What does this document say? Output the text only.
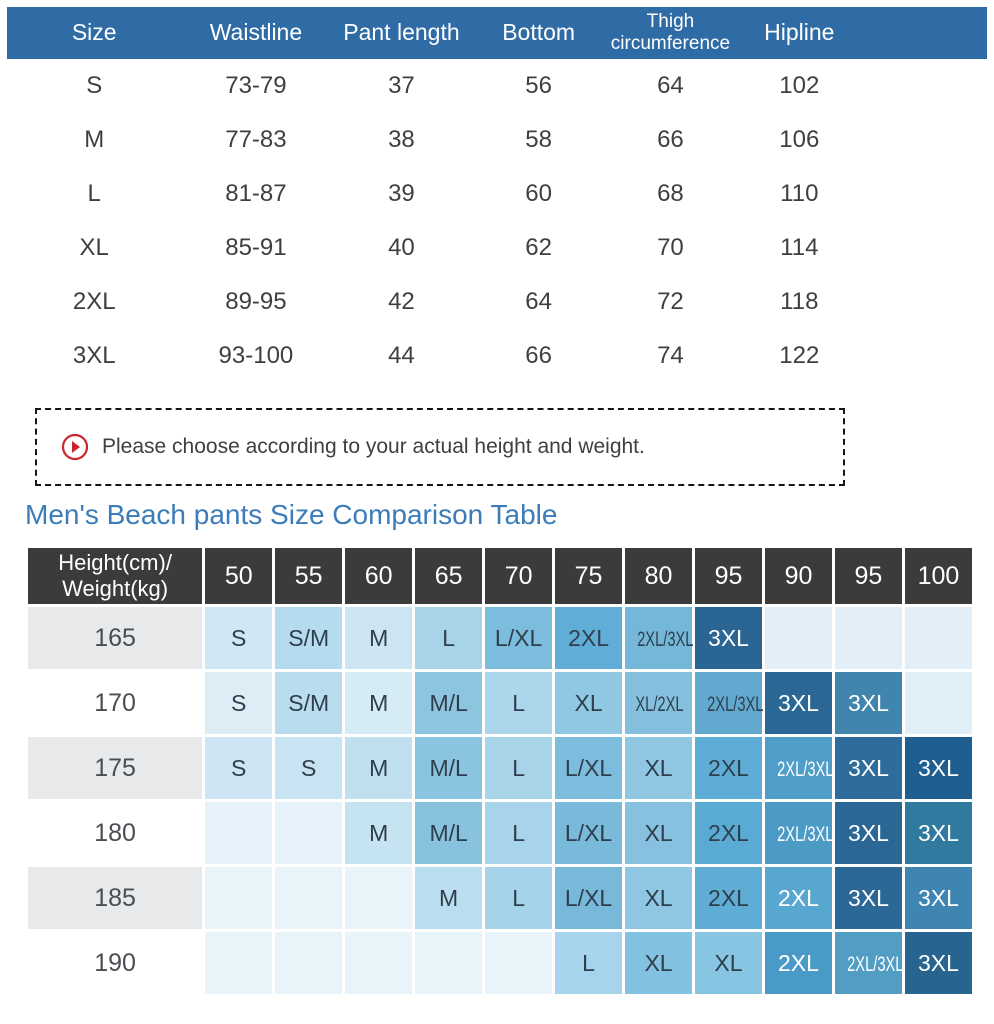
Size	Waistline	Pant length	Bottom	Thigh circumference	Hipline	
S	73-79	37	56	64	102	
M	77-83	38	58	66	106	
L	81-87	39	60	68	110	
XL	85-91	40	62	70	114	
2XL	89-95	42	64	72	118	
3XL	93-100	44	66	74	122	
Please choose according to your actual height and weight.
Men's Beach pants Size Comparison Table
Height(cm)/
Weight(kg)	50	55	60	65	70	75	80	95	90	95	100
165	S	S/M	M	L	L/XL	2XL	2XL/3XL	3XL			
170	S	S/M	M	M/L	L	XL	XL/2XL	2XL/3XL	3XL	3XL	
175	S	S	M	M/L	L	L/XL	XL	2XL	2XL/3XL	3XL	3XL
180			M	M/L	L	L/XL	XL	2XL	2XL/3XL	3XL	3XL
185				M	L	L/XL	XL	2XL	2XL	3XL	3XL
190						L	XL	XL	2XL	2XL/3XL	3XL
